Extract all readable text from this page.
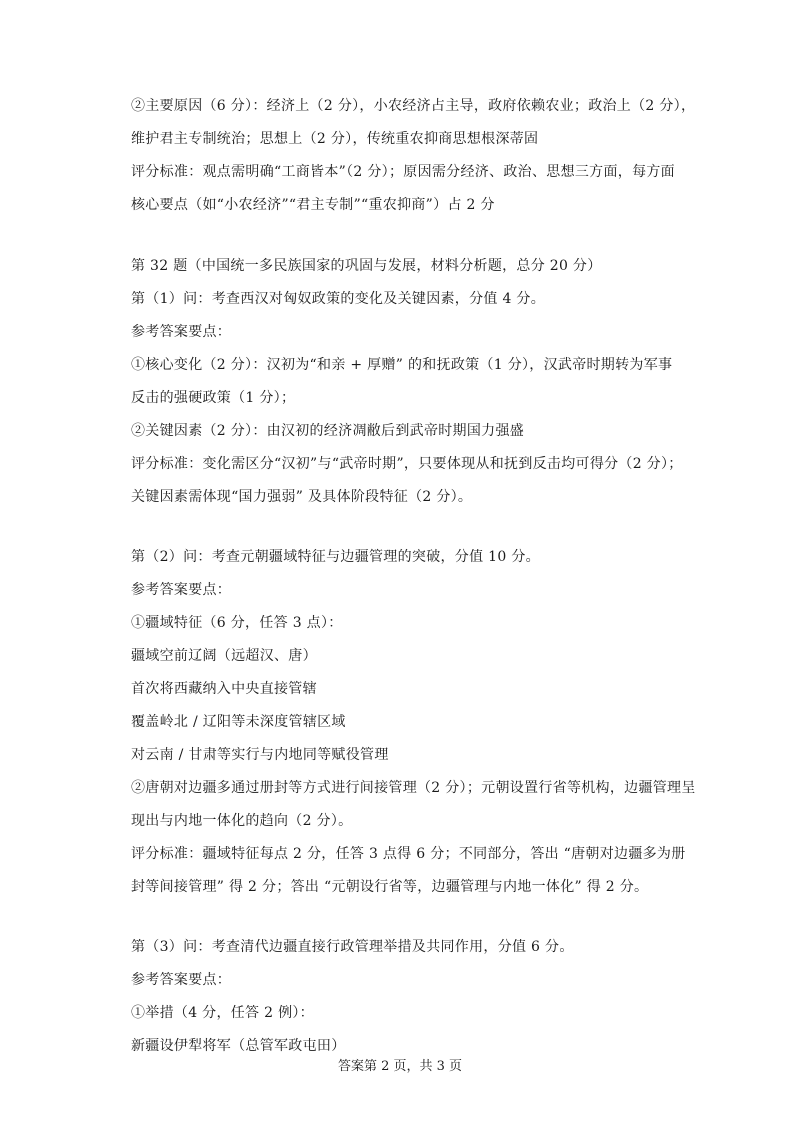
②主要原因（6 分）：经济上（2 分），小农经济占主导，政府依赖农业；政治上（2 分），
维护君主专制统治；思想上（2 分），传统重农抑商思想根深蒂固
评分标准：观点需明确“工商皆本”（2 分）；原因需分经济、政治、思想三方面，每方面
核心要点（如“小农经济”“君主专制”“重农抑商”）占 2 分
第 32 题（中国统一多民族国家的巩固与发展，材料分析题，总分 20 分）
第（1）问：考查西汉对匈奴政策的变化及关键因素，分值 4 分。
参考答案要点：
①核心变化（2 分）：汉初为“和亲 + 厚赠” 的和抚政策（1 分），汉武帝时期转为军事
反击的强硬政策（1 分）；
②关键因素（2 分）：由汉初的经济凋敝后到武帝时期国力强盛
评分标准：变化需区分“汉初”与“武帝时期”，只要体现从和抚到反击均可得分（2 分）；
关键因素需体现“国力强弱” 及具体阶段特征（2 分）。
第（2）问：考查元朝疆域特征与边疆管理的突破，分值 10 分。
参考答案要点：
①疆域特征（6 分，任答 3 点）：
疆域空前辽阔（远超汉、唐）
首次将西藏纳入中央直接管辖
覆盖岭北 / 辽阳等未深度管辖区域
对云南 / 甘肃等实行与内地同等赋役管理
②唐朝对边疆多通过册封等方式进行间接管理（2 分）；元朝设置行省等机构，边疆管理呈
现出与内地一体化的趋向（2 分）。
评分标准：疆域特征每点 2 分，任答 3 点得 6 分；不同部分，答出 “唐朝对边疆多为册
封等间接管理” 得 2 分；答出 “元朝设行省等，边疆管理与内地一体化” 得 2 分。
第（3）问：考查清代边疆直接行政管理举措及共同作用，分值 6 分。
参考答案要点：
①举措（4 分，任答 2 例）：
新疆设伊犁将军（总管军政屯田）
答案第 2 页，共 3 页
